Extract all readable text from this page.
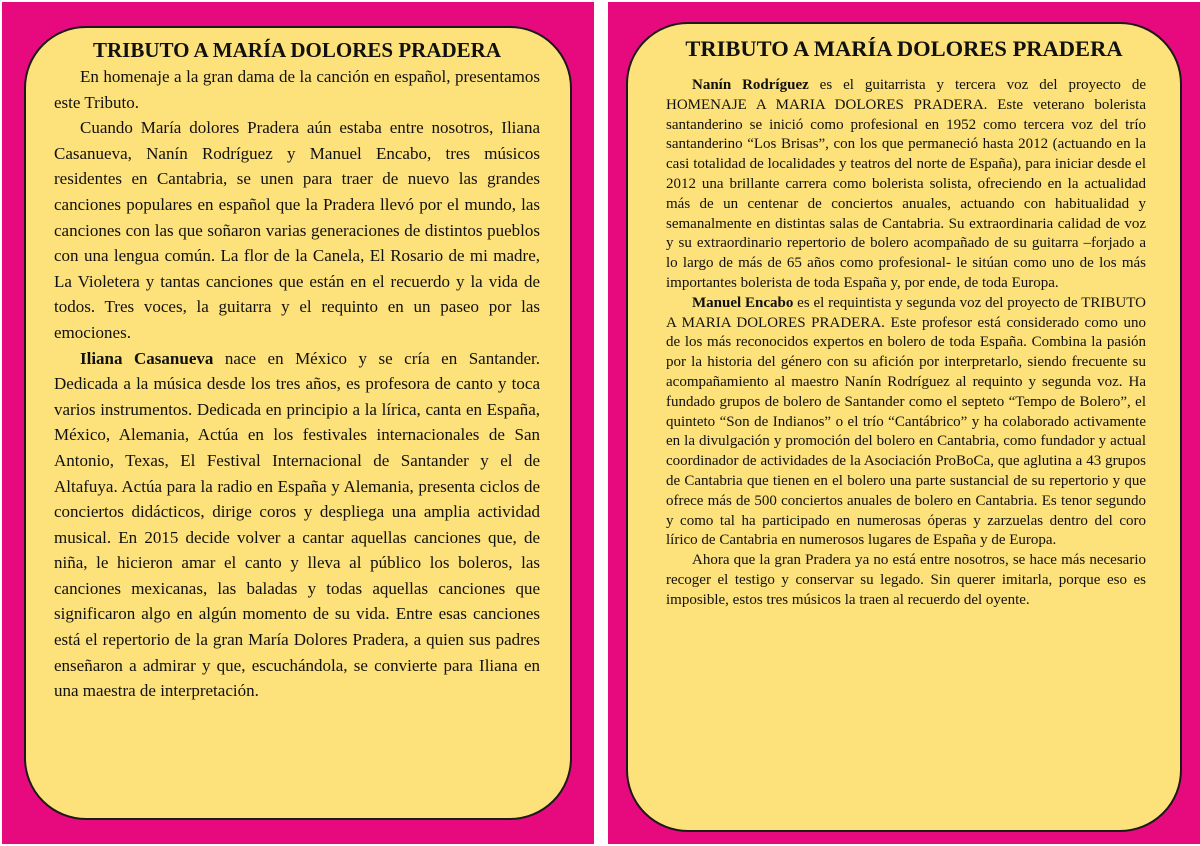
TRIBUTO A MARÍA DOLORES PRADERA

En homenaje a la gran dama de la canción en español, presentamos este Tributo.

Cuando María dolores Pradera aún estaba entre nosotros, Iliana Casanueva, Nanín Rodríguez y Manuel Encabo, tres músicos residentes en Cantabria, se unen para traer de nuevo las grandes canciones populares en español que la Pradera llevó por el mundo, las canciones con las que soñaron varias generaciones de distintos pueblos con una lengua común. La flor de la Canela, El Rosario de mi madre, La Violetera y tantas canciones que están en el recuerdo y la vida de todos. Tres voces, la guitarra y el requinto en un paseo por las emociones.

Iliana Casanueva nace en México y se cría en Santander. Dedicada a la música desde los tres años, es profesora de canto y toca varios instrumentos. Dedicada en principio a la lírica, canta en España, México, Alemania, Actúa en los festivales internacionales de San Antonio, Texas, El Festival Internacional de Santander y el de Altafuya. Actúa para la radio en España y Alemania, presenta ciclos de conciertos didácticos, dirige coros y despliega una amplia actividad musical. En 2015 decide volver a cantar aquellas canciones que, de niña, le hicieron amar el canto y lleva al público los boleros, las canciones mexicanas, las baladas y todas aquellas canciones que significaron algo en algún momento de su vida. Entre esas canciones está el repertorio de la gran María Dolores Pradera, a quien sus padres enseñaron a admirar y que, escuchándola, se convierte para Iliana en una maestra de interpretación.

TRIBUTO A MARÍA DOLORES PRADERA

Nanín Rodríguez es el guitarrista y tercera voz del proyecto de HOMENAJE A MARIA DOLORES PRADERA. Este veterano bolerista santanderino se inició como profesional en 1952 como tercera voz del trío santanderino “Los Brisas”, con los que permaneció hasta 2012 (actuando en la casi totalidad de localidades y teatros del norte de España), para iniciar desde el 2012 una brillante carrera como bolerista solista, ofreciendo en la actualidad más de un centenar de conciertos anuales, actuando con habitualidad y semanalmente en distintas salas de Cantabria. Su extraordinaria calidad de voz y su extraordinario repertorio de bolero acompañado de su guitarra –forjado a lo largo de más de 65 años como profesional- le sitúan como uno de los más importantes bolerista de toda España y, por ende, de toda Europa.

Manuel Encabo es el requintista y segunda voz del proyecto de TRIBUTO A MARIA DOLORES PRADERA. Este profesor está considerado como uno de los más reconocidos expertos en bolero de toda España. Combina la pasión por la historia del género con su afición por interpretarlo, siendo frecuente su acompañamiento al maestro Nanín Rodríguez al requinto y segunda voz. Ha fundado grupos de bolero de Santander como el septeto “Tempo de Bolero”, el quinteto “Son de Indianos” o el trío “Cantábrico” y ha colaborado activamente en la divulgación y promoción del bolero en Cantabria, como fundador y actual coordinador de actividades de la Asociación ProBoCa, que aglutina a 43 grupos de Cantabria que tienen en el bolero una parte sustancial de su repertorio y que ofrece más de 500 conciertos anuales de bolero en Cantabria. Es tenor segundo y como tal ha participado en numerosas óperas y zarzuelas dentro del coro lírico de Cantabria en numerosos lugares de España y de Europa.

Ahora que la gran Pradera ya no está entre nosotros, se hace más necesario recoger el testigo y conservar su legado. Sin querer imitarla, porque eso es imposible, estos tres músicos la traen al recuerdo del oyente.
